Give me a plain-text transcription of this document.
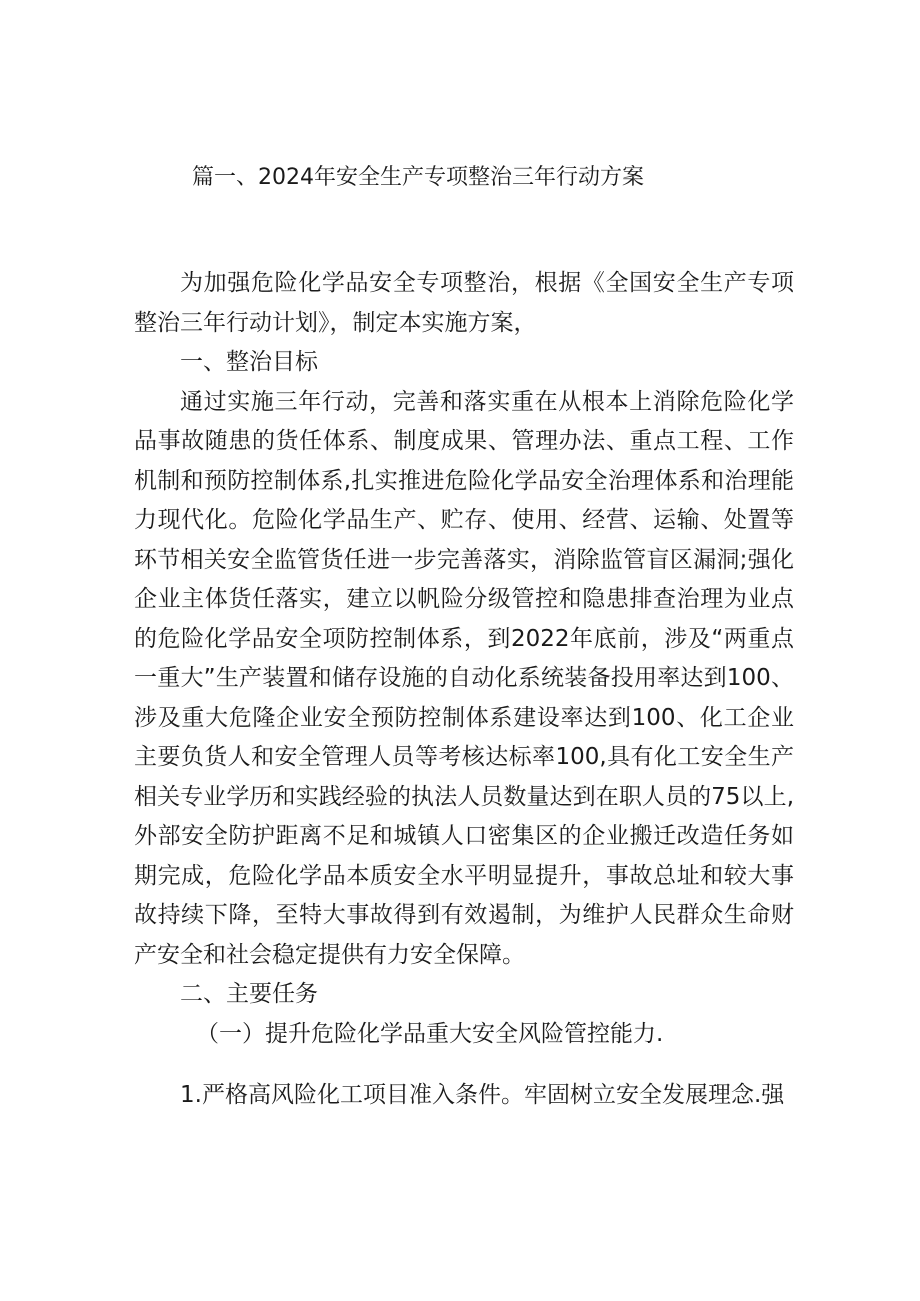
篇一、2024年安全生产专项整治三年行动方案

为加强危险化学品安全专项整治，根据《全国安全生产专项整治三年行动计划》，制定本实施方案，

一、整治目标

通过实施三年行动，完善和落实重在从根本上消除危险化学品事故随患的货任体系、制度成果、管理办法、重点工程、工作机制和预防控制体系,扎实推进危险化学品安全治理体系和治理能力现代化。危险化学品生产、贮存、使用、经营、运输、处置等环节相关安全监管货任进一步完善落实，消除监管盲区漏洞;强化企业主体货任落实，建立以帆险分级管控和隐患排查治理为业点的危险化学品安全项防控制体系，到2022年底前，涉及“两重点一重大”生产装置和储存设施的自动化系统装备投用率达到100、涉及重大危隆企业安全预防控制体系建设率达到100、化工企业主要负货人和安全管理人员等考核达标率100,具有化工安全生产相关专业学历和实践经验的执法人员数量达到在职人员的75以上,外部安全防护距离不足和城镇人口密集区的企业搬迁改造任务如期完成，危险化学品本质安全水平明显提升，事故总址和较大事故持续下降，至特大事故得到有效遏制，为维护人民群众生命财产安全和社会稳定提供有力安全保障。

二、主要任务

（一）提升危险化学品重大安全风险管控能力.

1.严格高风险化工项目准入条件。牢固树立安全发展理念.强
